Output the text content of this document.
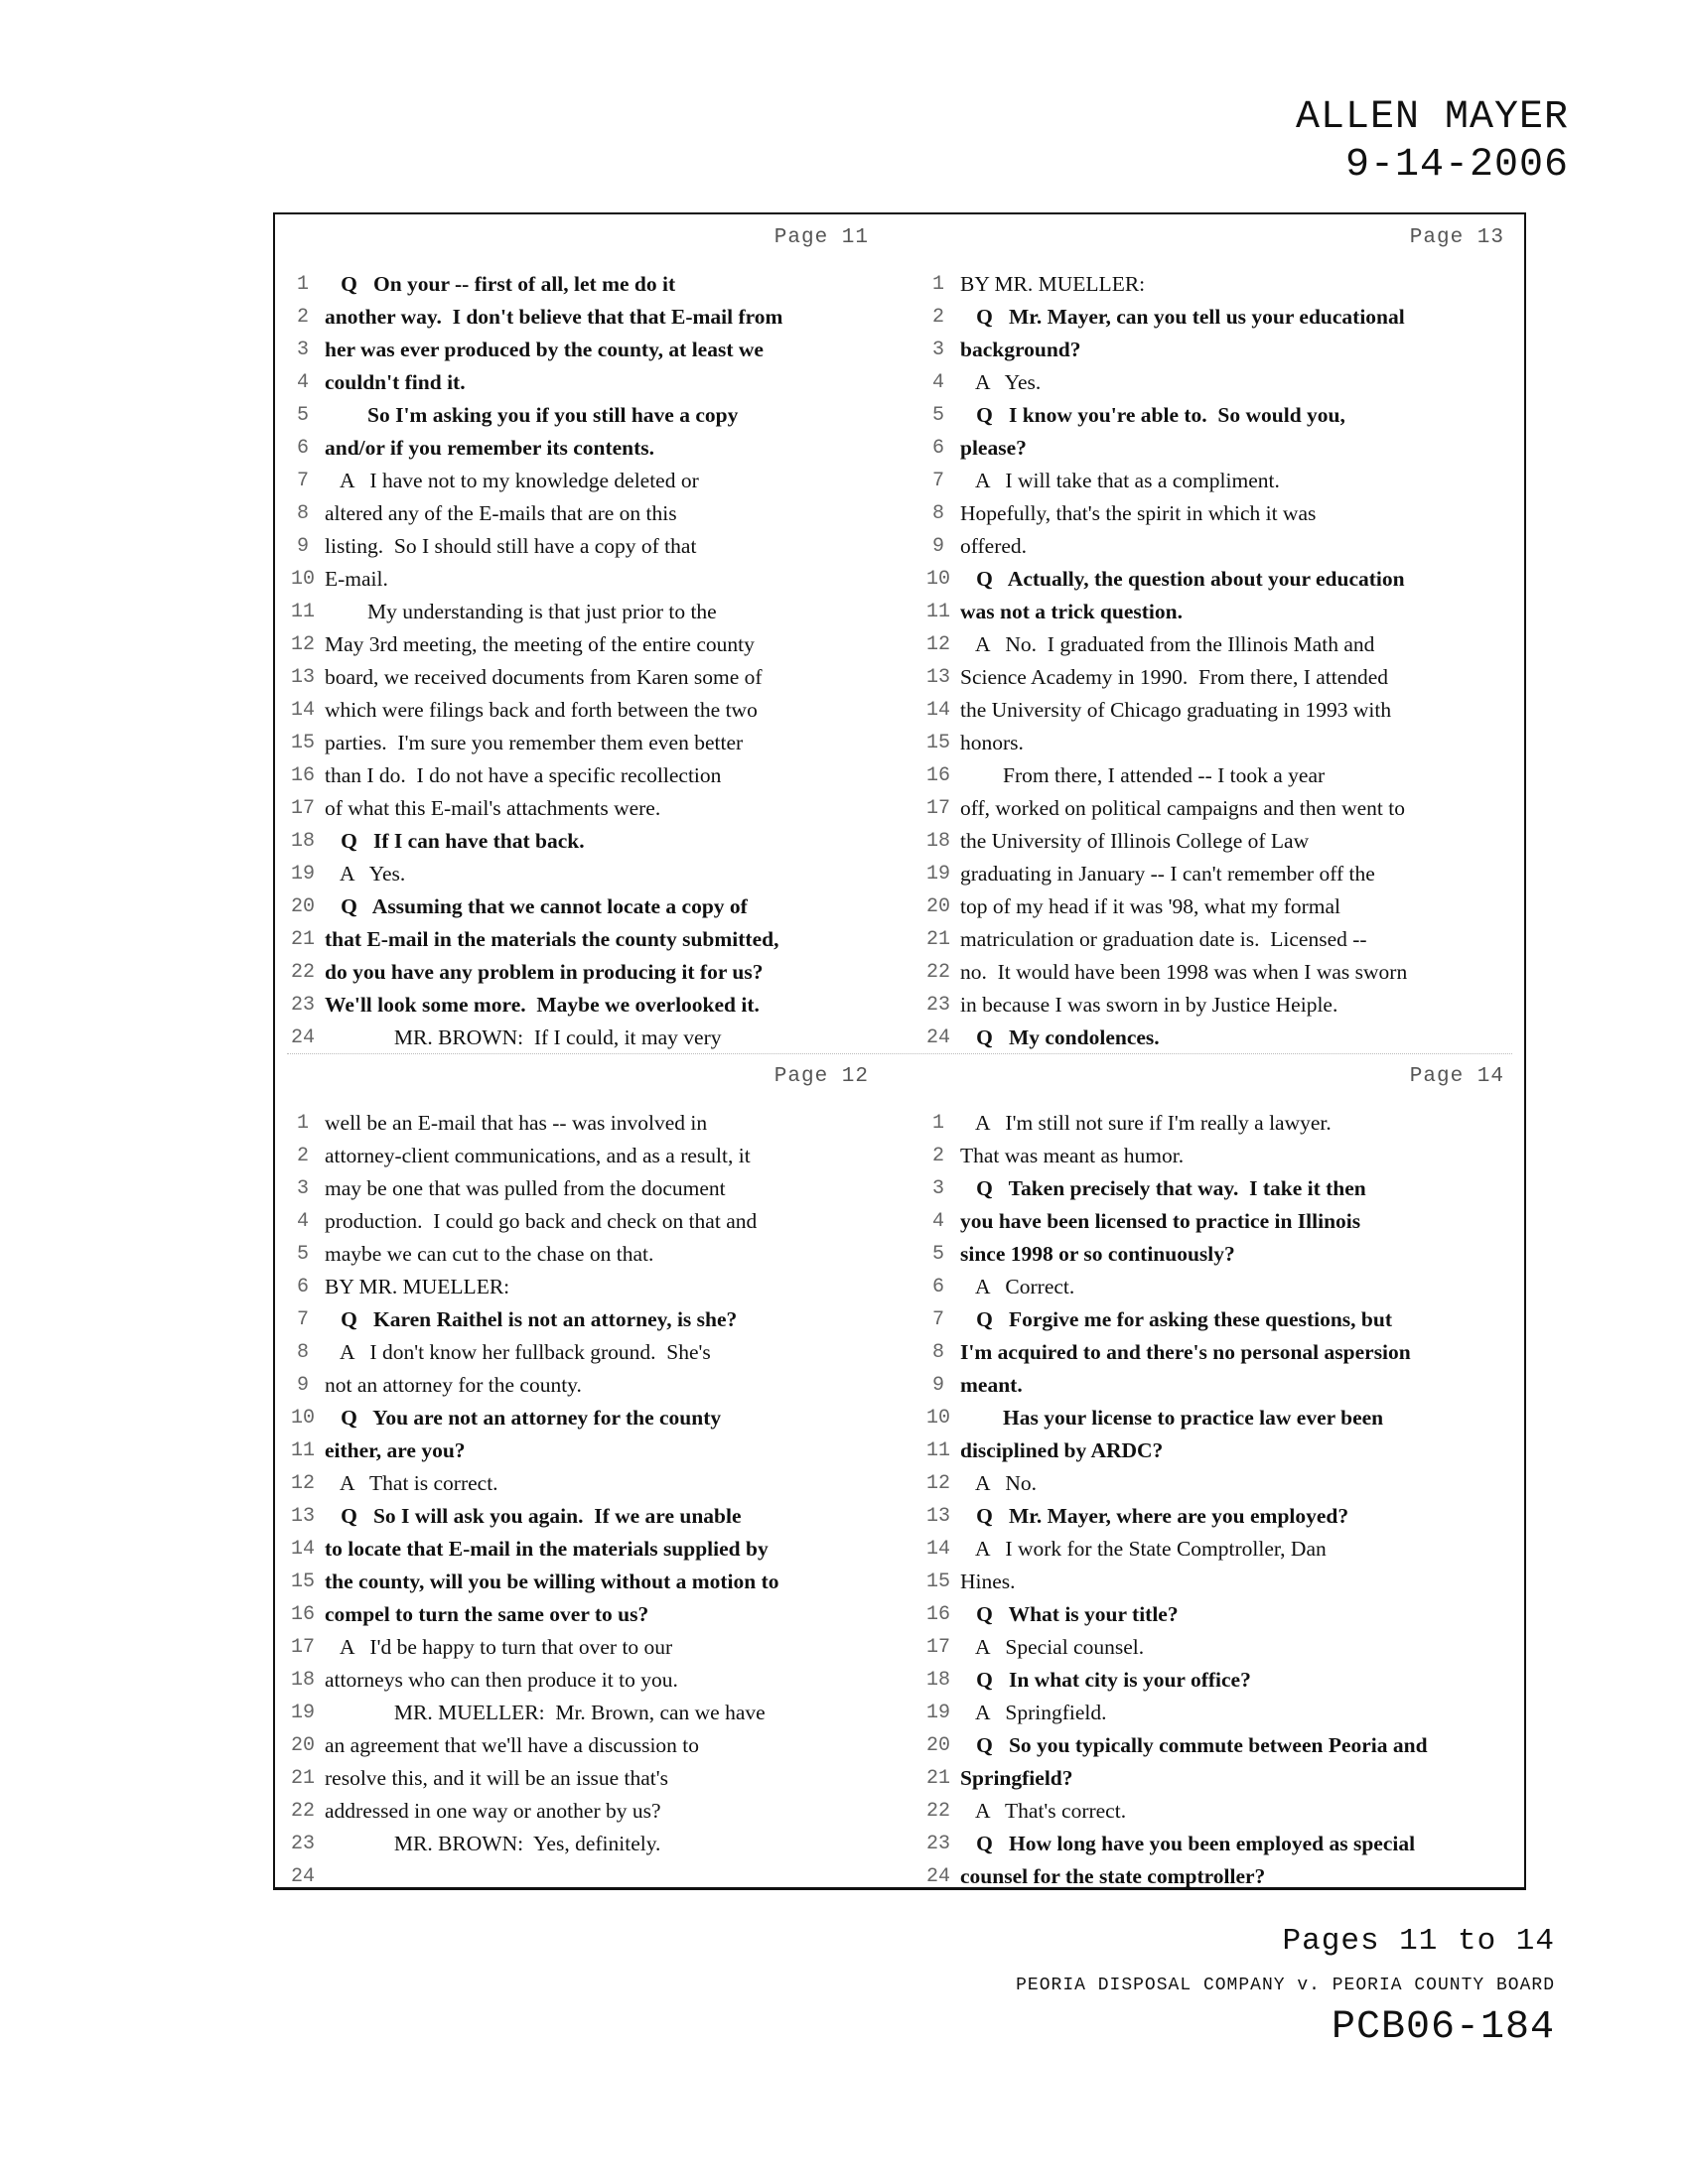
ALLEN MAYER
9-14-2006
Page 11
1 Q   On your -- first of all, let me do it
2 another way.  I don't believe that that E-mail from
3 her was ever produced by the county, at least we
4 couldn't find it.
5 So I'm asking you if you still have a copy
6 and/or if you remember its contents.
7 A   I have not to my knowledge deleted or
8 altered any of the E-mails that are on this
9 listing.  So I should still have a copy of that
10 E-mail.
11 My understanding is that just prior to the
12 May 3rd meeting, the meeting of the entire county
13 board, we received documents from Karen some of
14 which were filings back and forth between the two
15 parties.  I'm sure you remember them even better
16 than I do.  I do not have a specific recollection
17 of what this E-mail's attachments were.
18 Q   If I can have that back.
19 A   Yes.
20 Q   Assuming that we cannot locate a copy of
21 that E-mail in the materials the county submitted,
22 do you have any problem in producing it for us?
23 We'll look some more.  Maybe we overlooked it.
24 MR. BROWN:  If I could, it may very
Page 13
1 BY MR. MUELLER:
2 Q   Mr. Mayer, can you tell us your educational
3 background?
4 A   Yes.
5 Q   I know you're able to.  So would you,
6 please?
7 A   I will take that as a compliment.
8 Hopefully, that's the spirit in which it was
9 offered.
10 Q   Actually, the question about your education
11 was not a trick question.
12 A   No.  I graduated from the Illinois Math and
13 Science Academy in 1990.  From there, I attended
14 the University of Chicago graduating in 1993 with
15 honors.
16 From there, I attended -- I took a year
17 off, worked on political campaigns and then went to
18 the University of Illinois College of Law
19 graduating in January -- I can't remember off the
20 top of my head if it was '98, what my formal
21 matriculation or graduation date is.  Licensed --
22 no.  It would have been 1998 was when I was sworn
23 in because I was sworn in by Justice Heiple.
24 Q   My condolences.
Page 12
1 well be an E-mail that has -- was involved in
2 attorney-client communications, and as a result, it
3 may be one that was pulled from the document
4 production.  I could go back and check on that and
5 maybe we can cut to the chase on that.
6 BY MR. MUELLER:
7 Q   Karen Raithel is not an attorney, is she?
8 A   I don't know her fullback ground.  She's
9 not an attorney for the county.
10 Q   You are not an attorney for the county
11 either, are you?
12 A   That is correct.
13 Q   So I will ask you again.  If we are unable
14 to locate that E-mail in the materials supplied by
15 the county, will you be willing without a motion to
16 compel to turn the same over to us?
17 A   I'd be happy to turn that over to our
18 attorneys who can then produce it to you.
19 MR. MUELLER:  Mr. Brown, can we have
20 an agreement that we'll have a discussion to
21 resolve this, and it will be an issue that's
22 addressed in one way or another by us?
23 MR. BROWN:  Yes, definitely.
24
Page 14
1 A   I'm still not sure if I'm really a lawyer.
2 That was meant as humor.
3 Q   Taken precisely that way.  I take it then
4 you have been licensed to practice in Illinois
5 since 1998 or so continuously?
6 A   Correct.
7 Q   Forgive me for asking these questions, but
8 I'm acquired to and there's no personal aspersion
9 meant.
10 Has your license to practice law ever been
11 disciplined by ARDC?
12 A   No.
13 Q   Mr. Mayer, where are you employed?
14 A   I work for the State Comptroller, Dan
15 Hines.
16 Q   What is your title?
17 A   Special counsel.
18 Q   In what city is your office?
19 A   Springfield.
20 Q   So you typically commute between Peoria and
21 Springfield?
22 A   That's correct.
23 Q   How long have you been employed as special
24 counsel for the state comptroller?
Pages 11 to 14
PEORIA DISPOSAL COMPANY v. PEORIA COUNTY BOARD
PCB06-184
